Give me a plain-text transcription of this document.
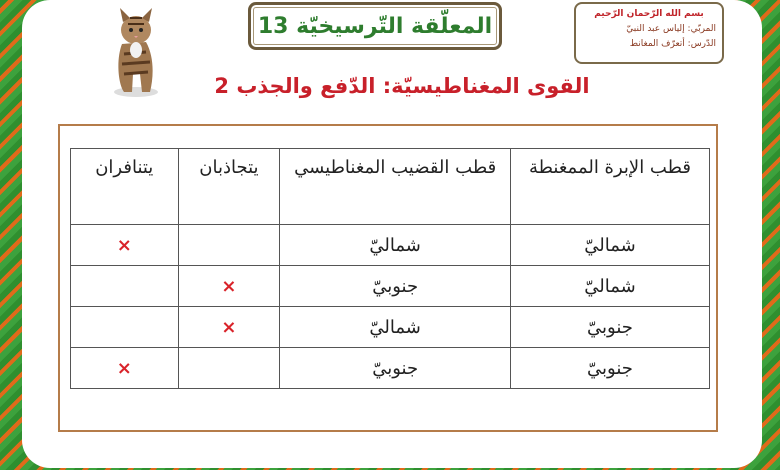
المعلّقة التّرسيخيّة 13	بسم الله الرّحمان الرّحيم
المربّي: إلياس عبد النبيّ
الدّرس: أتعرّف المغانط
القوى المغناطيسيّة: الدّفع والجذب 2
قطب الإبرة الممغنطة	قطب القضيب المغناطيسي	يتجاذبان	يتنافران
شماليّ	شماليّ		×
شماليّ	جنوبيّ	×	
جنوبيّ	شماليّ	×	
جنوبيّ	جنوبيّ		×
